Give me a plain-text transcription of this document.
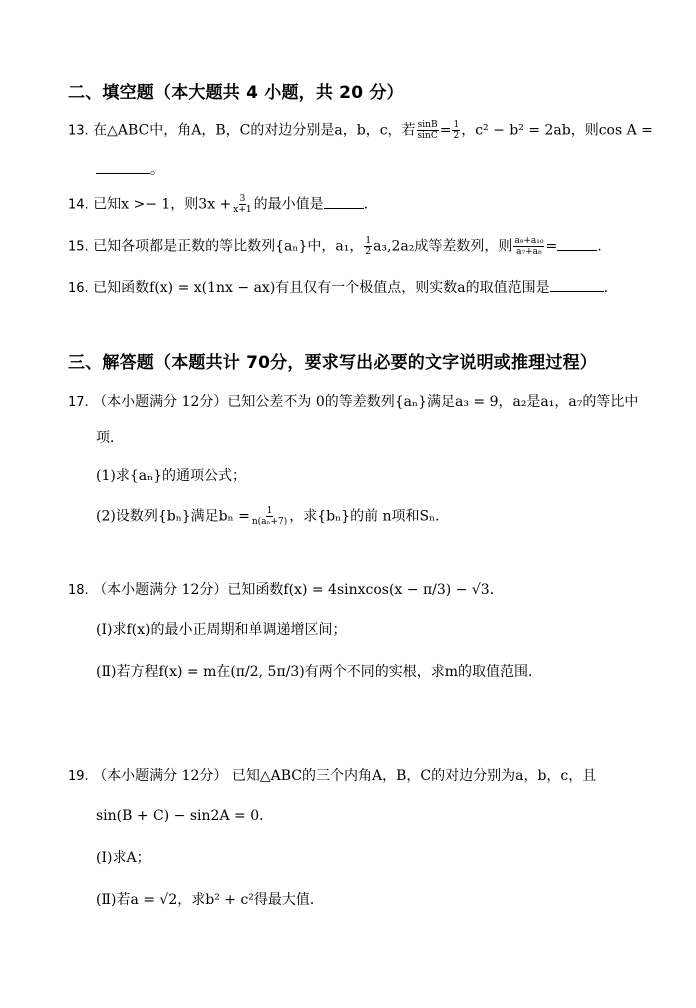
二、填空题（本大题共 4 小题，共 20 分）
13. 在△ABC中，角A，B，C的对边分别是a，b，c，若 $\frac{\sin B}{\sin C} = \frac{1}{2}$ ，c² − b² = 2ab，则cos A =
。
14. 已知x >− 1，则$3x + \frac{3}{x+1}$ 的最小值是	.
15. 已知各项都是正数的等比数列{aₙ}中，a₁， $\frac{1}{2} a_3,2a_2$成等差数列，则 $\frac{\text{a₉+a₁₀}}{\text{a₇+a₈}}$ =	.
16. 已知函数f(x) = x(1nx − ax)有且仅有一个极值点，则实数a的取值范围是	.
三、解答题（本题共计 70分，要求写出必要的文字说明或推理过程）
17. （本小题满分 12分）已知公差不为 0的等差数列{aₙ}满足a₃ = 9，a₂是a₁，a₇的等比中
项．
(1)求{aₙ}的通项公式；
(2)设数列{bₙ}满足$b_n = \frac{1}{\text{n(aₙ+7)}}$ ，求{bₙ}的前 n项和Sₙ．
18. （本小题满分 12分）已知函数f(x) = 4sinxcos(x − π/3) − √3．
(Ⅰ)求f(x)的最小正周期和单调递增区间；
(Ⅱ)若方程f(x) = m在(π/2, 5π/3)有两个不同的实根，求m的取值范围．
19. （本小题满分 12分） 已知△ABC的三个内角A，B，C的对边分别为a，b，c，且
sin(B + C) − sin2A = 0．
(Ⅰ)求A；
(Ⅱ)若a = √2，求b² + c²得最大值．
